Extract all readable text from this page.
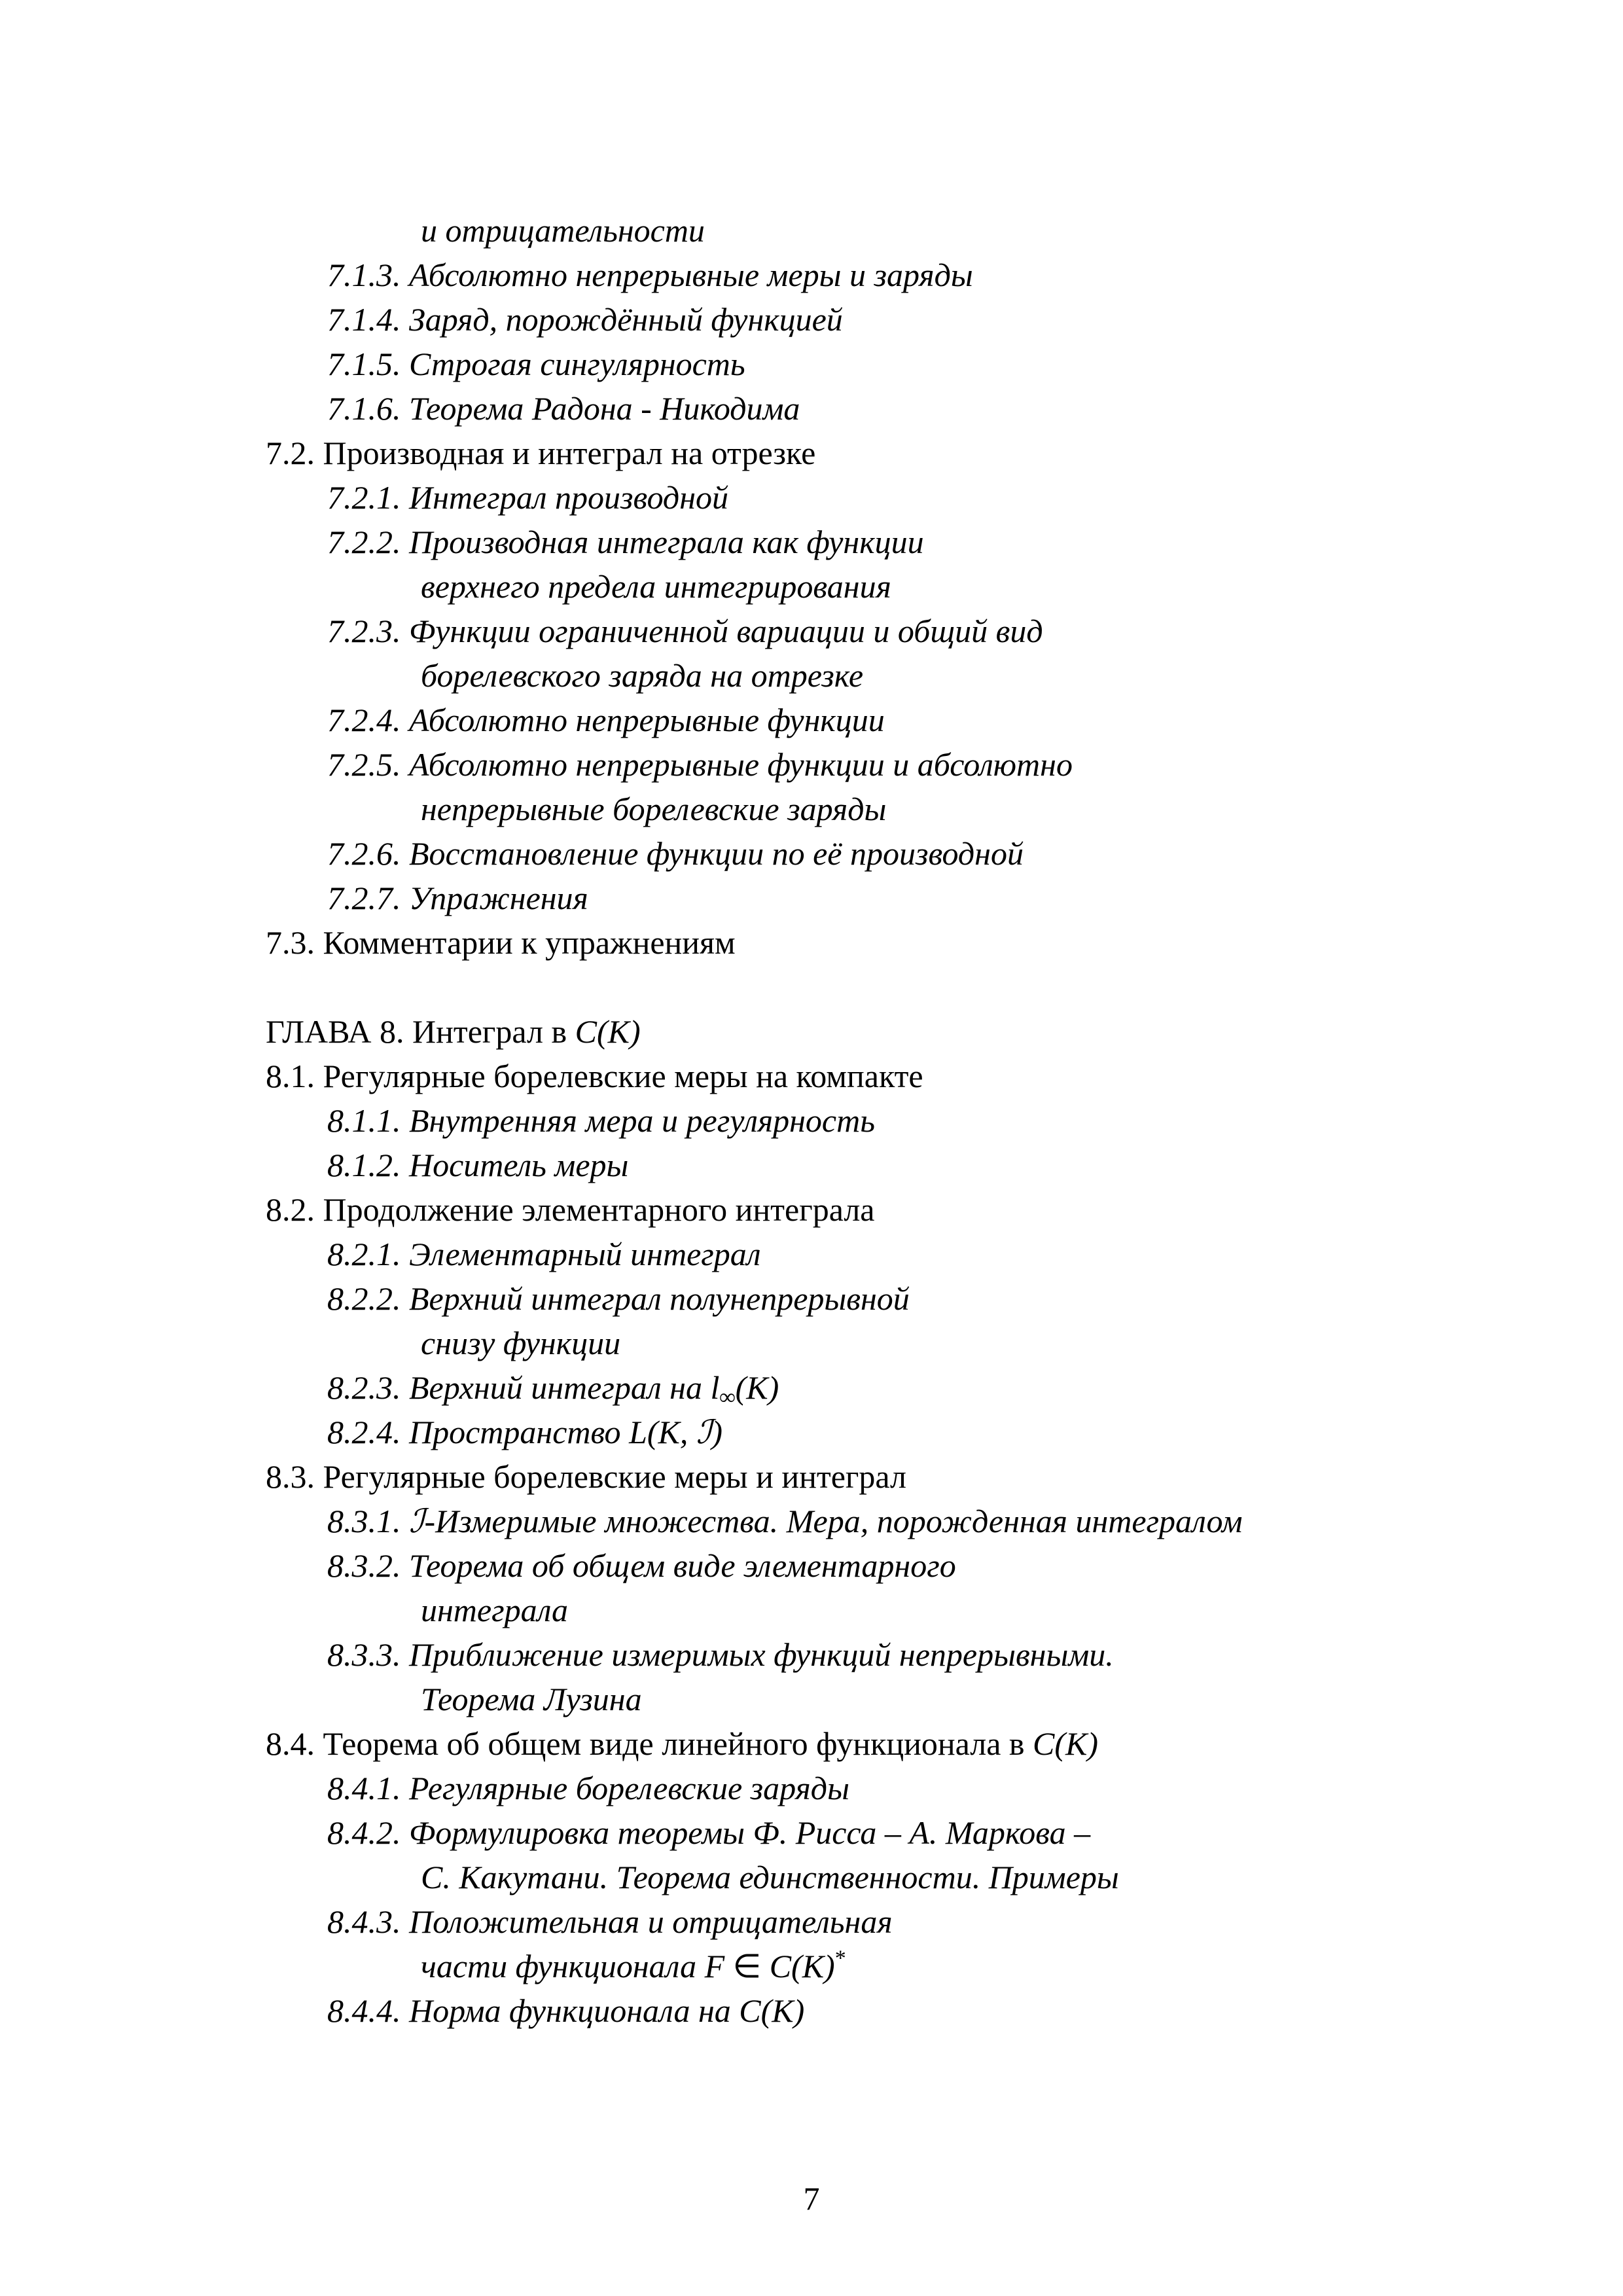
и отрицательности
7.1.3. Абсолютно непрерывные меры и заряды
7.1.4. Заряд, порождённый функцией
7.1.5. Строгая сингулярность
7.1.6. Теорема Радона - Никодима
7.2. Производная и интеграл на отрезке
7.2.1. Интеграл производной
7.2.2. Производная интеграла как функции
верхнего предела интегрирования
7.2.3. Функции ограниченной вариации и общий вид
борелевского заряда на отрезке
7.2.4. Абсолютно непрерывные функции
7.2.5. Абсолютно непрерывные функции и абсолютно
непрерывные борелевские заряды
7.2.6. Восстановление функции по её производной
7.2.7. Упражнения
7.3. Комментарии к упражнениям
ГЛАВА 8. Интеграл в C(K)
8.1. Регулярные борелевские меры на компакте
8.1.1. Внутренняя мера и регулярность
8.1.2. Носитель меры
8.2. Продолжение элементарного интеграла
8.2.1. Элементарный интеграл
8.2.2. Верхний интеграл полунепрерывной
снизу функции
8.2.3. Верхний интеграл на $l_\infty(K)$
8.2.4. Пространство L(K, ℐ)
8.3. Регулярные борелевские меры и интеграл
8.3.1. ℐ-Измеримые множества. Мера, порожденная интегралом
8.3.2. Теорема об общем виде элементарного
интеграла
8.3.3. Приближение измеримых функций непрерывными.
Теорема Лузина
8.4. Теорема об общем виде линейного функционала в C(K)
8.4.1. Регулярные борелевские заряды
8.4.2. Формулировка теоремы Ф. Рисса – А. Маркова –
С. Какутани. Теорема единственности. Примеры
8.4.3. Положительная и отрицательная
части функционала F ∈ C(K)*
8.4.4. Норма функционала на C(K)
7
